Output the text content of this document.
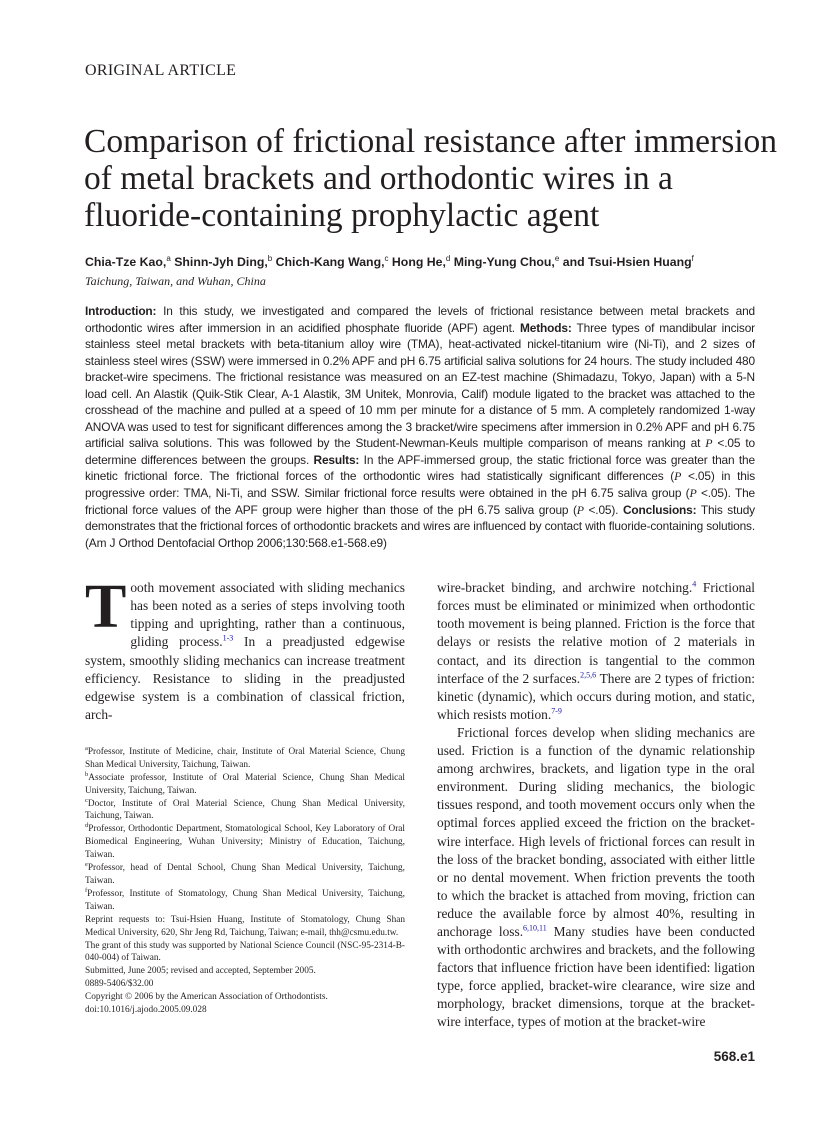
ORIGINAL ARTICLE
Comparison of frictional resistance after immersion of metal brackets and orthodontic wires in a fluoride-containing prophylactic agent
Chia-Tze Kao,$^a$ Shinn-Jyh Ding,$^b$ Chich-Kang Wang,$^c$ Hong He,$^d$ Ming-Yung Chou,$^e$ and Tsui-Hsien Huang$^f$
Taichung, Taiwan, and Wuhan, China
Introduction: In this study, we investigated and compared the levels of frictional resistance between metal brackets and orthodontic wires after immersion in an acidified phosphate fluoride (APF) agent. Methods: Three types of mandibular incisor stainless steel metal brackets with beta-titanium alloy wire (TMA), heat-activated nickel-titanium wire (Ni-Ti), and 2 sizes of stainless steel wires (SSW) were immersed in 0.2% APF and pH 6.75 artificial saliva solutions for 24 hours. The study included 480 bracket-wire specimens. The frictional resistance was measured on an EZ-test machine (Shimadazu, Tokyo, Japan) with a 5-N load cell. An Alastik (Quik-Stik Clear, A-1 Alastik, 3M Unitek, Monrovia, Calif) module ligated to the bracket was attached to the crosshead of the machine and pulled at a speed of 10 mm per minute for a distance of 5 mm. A completely randomized 1-way ANOVA was used to test for significant differences among the 3 bracket/wire specimens after immersion in 0.2% APF and pH 6.75 artificial saliva solutions. This was followed by the Student-Newman-Keuls multiple comparison of means ranking at P <.05 to determine differences between the groups. Results: In the APF-immersed group, the static frictional force was greater than the kinetic frictional force. The frictional forces of the orthodontic wires had statistically significant differences (P <.05) in this progressive order: TMA, Ni-Ti, and SSW. Similar frictional force results were obtained in the pH 6.75 saliva group (P <.05). The frictional force values of the APF group were higher than those of the pH 6.75 saliva group (P <.05). Conclusions: This study demonstrates that the frictional forces of orthodontic brackets and wires are influenced by contact with fluoride-containing solutions. (Am J Orthod Dentofacial Orthop 2006;130:568.e1-568.e9)

Tooth movement associated with sliding mechanics has been noted as a series of steps involving tooth tipping and uprighting, rather than a continuous, gliding process.$^{1-3}$ In a preadjusted edgewise system, smoothly sliding mechanics can increase treatment efficiency. Resistance to sliding in the preadjusted edgewise system is a combination of classical friction, arch-

$^a$Professor, Institute of Medicine, chair, Institute of Oral Material Science, Chung Shan Medical University, Taichung, Taiwan.

$^b$Associate professor, Institute of Oral Material Science, Chung Shan Medical University, Taichung, Taiwan.

$^c$Doctor, Institute of Oral Material Science, Chung Shan Medical University, Taichung, Taiwan.

$^d$Professor, Orthodontic Department, Stomatological School, Key Laboratory of Oral Biomedical Engineering, Wuhan University; Ministry of Education, Taichung, Taiwan.

$^e$Professor, head of Dental School, Chung Shan Medical University, Taichung, Taiwan.

$^f$Professor, Institute of Stomatology, Chung Shan Medical University, Taichung, Taiwan.

Reprint requests to: Tsui-Hsien Huang, Institute of Stomatology, Chung Shan Medical University, 620, Shr Jeng Rd, Taichung, Taiwan; e-mail, thh@csmu.edu.tw.

The grant of this study was supported by National Science Council (NSC-95-2314-B-040-004) of Taiwan.

Submitted, June 2005; revised and accepted, September 2005.

0889-5406/$32.00

Copyright © 2006 by the American Association of Orthodontists.

doi:10.1016/j.ajodo.2005.09.028

wire-bracket binding, and archwire notching.$^4$ Frictional forces must be eliminated or minimized when orthodontic tooth movement is being planned. Friction is the force that delays or resists the relative motion of 2 materials in contact, and its direction is tangential to the common interface of the 2 surfaces.$^{2,5,6}$ There are 2 types of friction: kinetic (dynamic), which occurs during motion, and static, which resists motion.$^{7-9}$

Frictional forces develop when sliding mechanics are used. Friction is a function of the dynamic relationship among archwires, brackets, and ligation type in the oral environment. During sliding mechanics, the biologic tissues respond, and tooth movement occurs only when the optimal forces applied exceed the friction on the bracket-wire interface. High levels of frictional forces can result in the loss of the bracket bonding, associated with either little or no dental movement. When friction prevents the tooth to which the bracket is attached from moving, friction can reduce the available force by almost 40%, resulting in anchorage loss.$^{6,10,11}$ Many studies have been conducted with orthodontic archwires and brackets, and the following factors that influence friction have been identified: ligation type, force applied, bracket-wire clearance, wire size and morphology, bracket dimensions, torque at the bracket-wire interface, types of motion at the bracket-wire

568.e1
